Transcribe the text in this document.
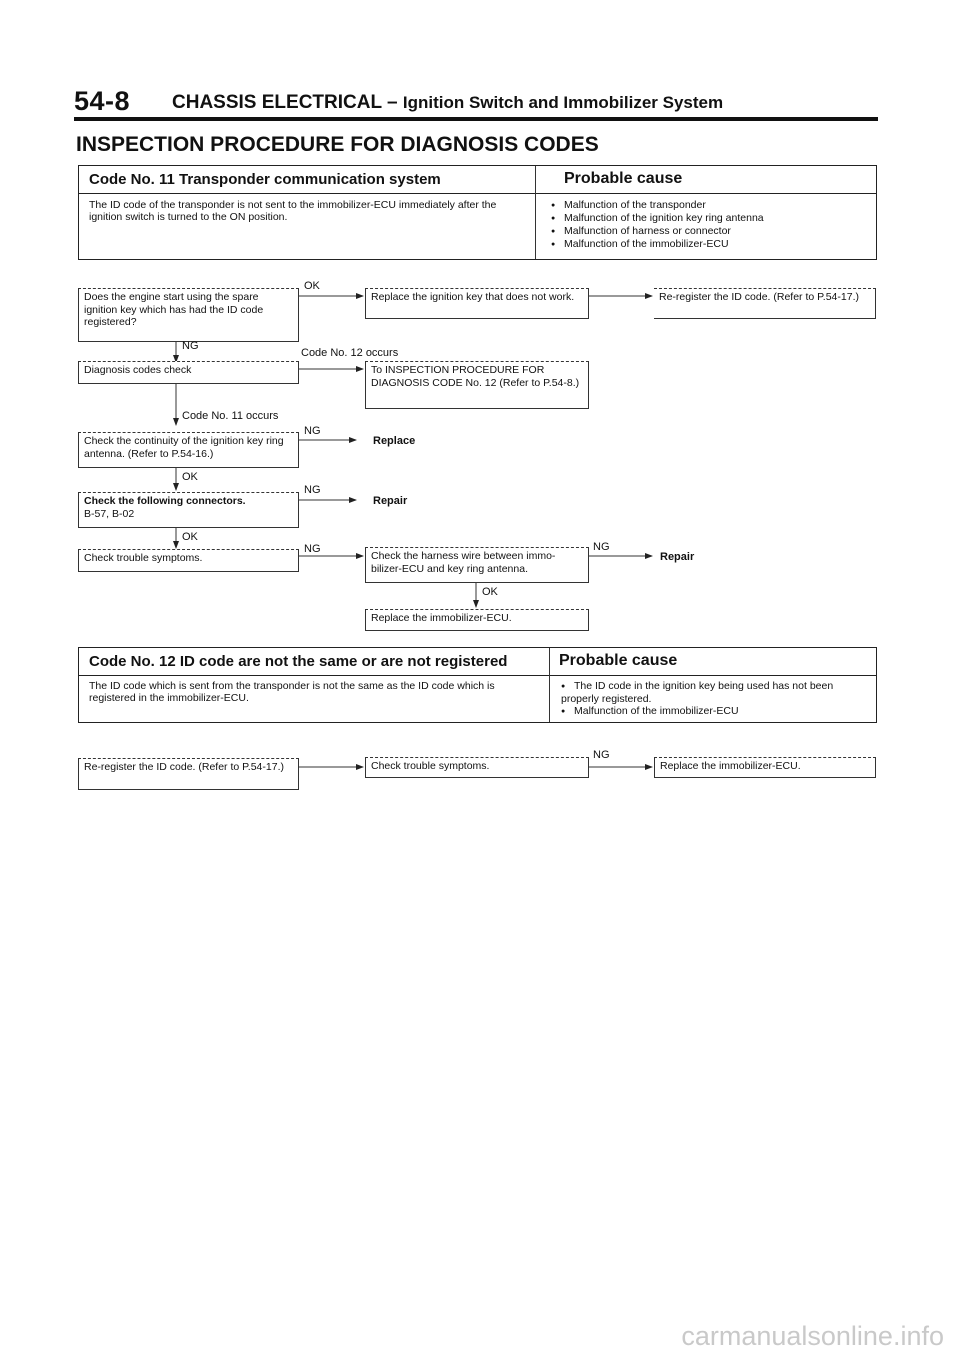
54-8 CHASSIS ELECTRICAL – Ignition Switch and Immobilizer System
INSPECTION PROCEDURE FOR DIAGNOSIS CODES
Code No. 11 Transponder communication system	Probable cause
The ID code of the transponder is not sent to the immobilizer-ECU immediately after the ignition switch is turned to the ON position.
● Malfunction of the transponder
● Malfunction of the ignition key ring antenna
● Malfunction of harness or connector
● Malfunction of the immobilizer-ECU
Does the engine start using the spare ignition key which has had the ID code registered?
OK
Replace the ignition key that does not work.	Re-register the ID code. (Refer to P.54-17.)
NG
Diagnosis codes check
Code No. 12 occurs
To INSPECTION PROCEDURE FOR DIAGNOSIS CODE No. 12 (Refer to P.54-8.)
Code No. 11 occurs
Check the continuity of the ignition key ring antenna. (Refer to P.54-16.)
NG
Replace
OK
Check the following connectors.
B-57, B-02
NG
Repair
OK
Check trouble symptoms.
NG
Check the harness wire between immo-bilizer-ECU and key ring antenna.
NG
Repair
OK
Replace the immobilizer-ECU.
Code No. 12 ID code are not the same or are not registered	Probable cause
The ID code which is sent from the transponder is not the same as the ID code which is registered in the immobilizer-ECU.
● The ID code in the ignition key being used has not been properly registered.
● Malfunction of the immobilizer-ECU
Re-register the ID code. (Refer to P.54-17.)	Check trouble symptoms.
NG
Replace the immobilizer-ECU.
carmanualsonline.info
